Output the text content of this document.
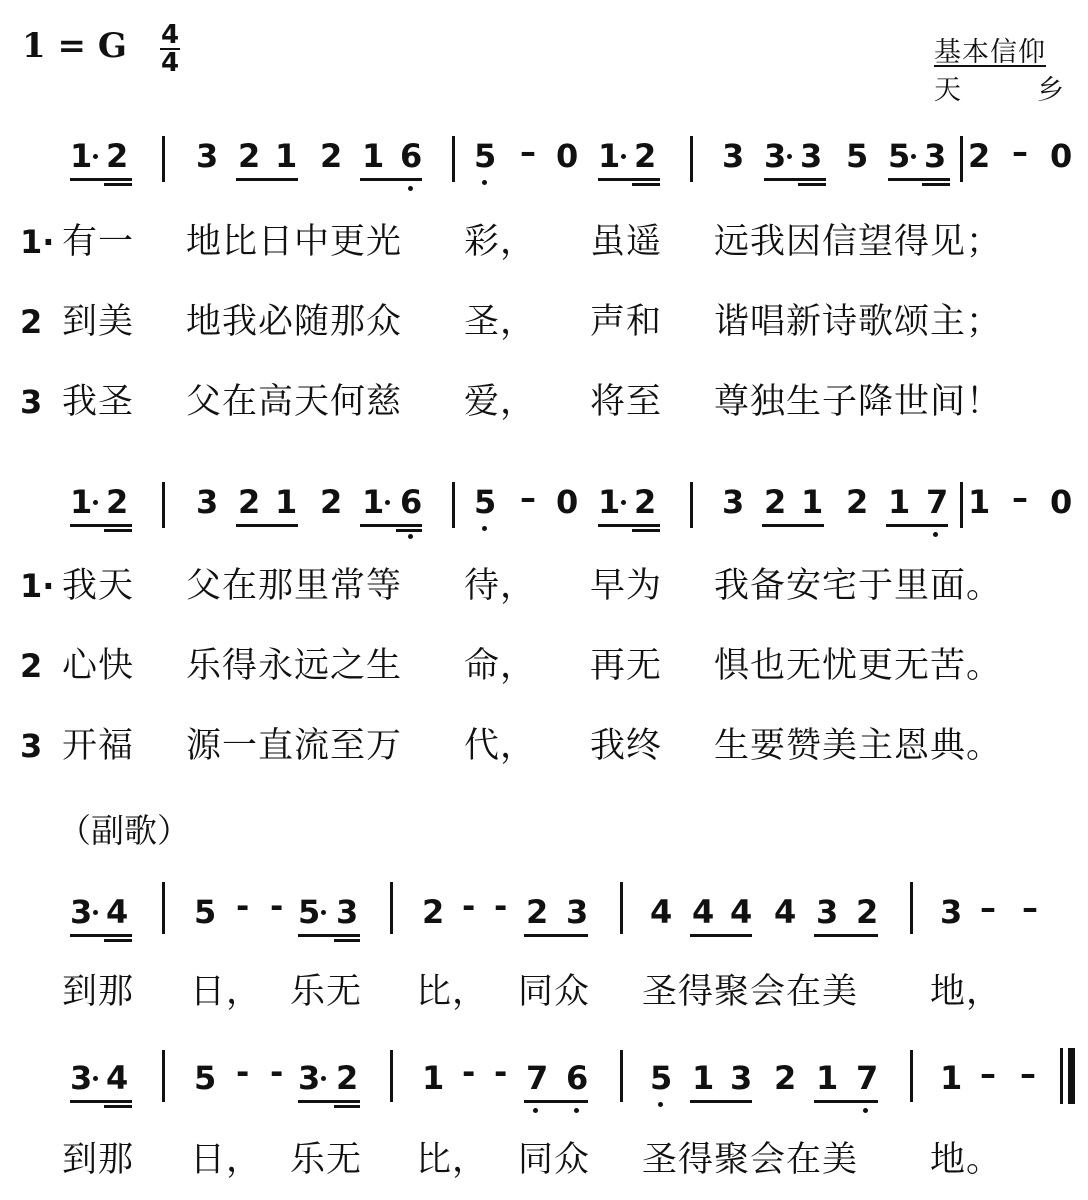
1 = G 4
4	基本信仰
天	乡
1 2 3 2 1 2 1 6 5 – 0 1 2 3 3 3 5 5 3 2 – 0
1· 有一 地比日中更光 彩， 虽遥 远我因信望得见；
2 到美 地我必随那众 圣， 声和 谐唱新诗歌颂主；
3 我圣 父在高天何慈 爱， 将至 尊独生子降世间！
1 2 3 2 1 2 1 6 5 – 0 1 2 3 2 1 2 1 7 1 – 0
1· 我天 父在那里常等 待， 早为 我备安宅于里面。
2 心快 乐得永远之生 命， 再无 惧也无忧更无苦。
3 开福 源一直流至万 代， 我终 生要赞美主恩典。
（副歌）
3 4 5 - - 5 3 2 - - 2 3 4 4 4 4 3 2 3 – –
到那 日， 乐无 比， 同众 圣得聚会在美 地，
3 4 5 - - 3 2 1 - - 7 6 5 1 3 2 1 7 1 – –
到那 日， 乐无 比， 同众 圣得聚会在美 地。
